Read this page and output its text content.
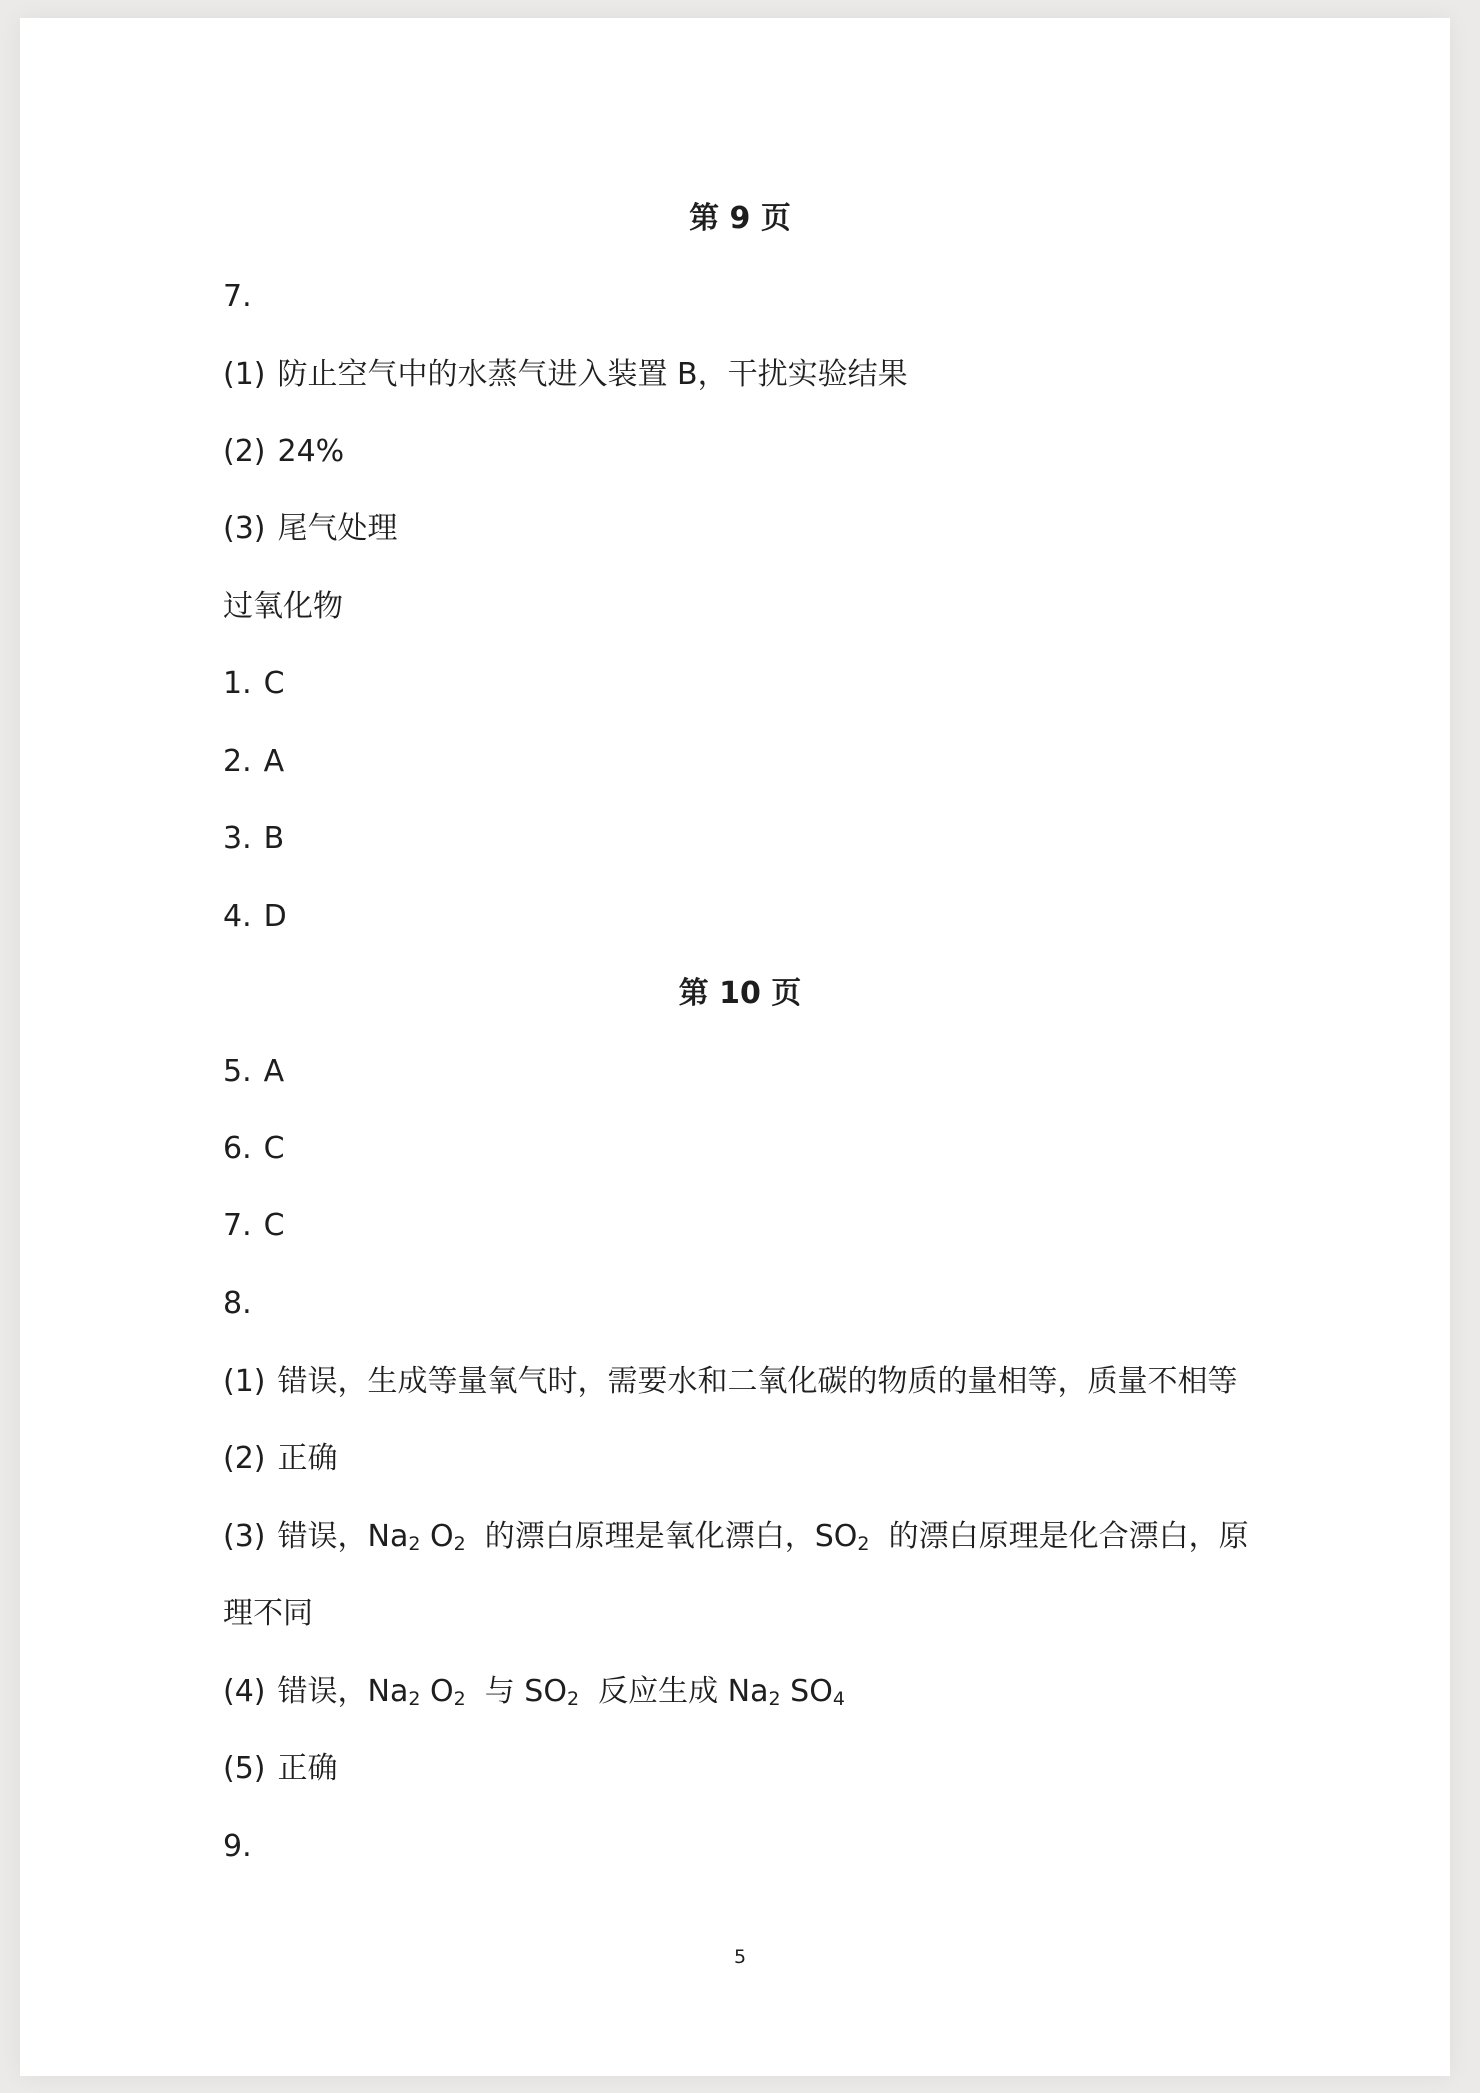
第 9 页
7.
(1) 防止空气中的水蒸气进入装置 B，干扰实验结果
(2) 24%
(3) 尾气处理
过氧化物
1. C
2. A
3. B
4. D
第 10 页
5. A
6. C
7. C
8.
(1) 错误，生成等量氧气时，需要水和二氧化碳的物质的量相等，质量不相等
(2) 正确
(3) 错误，$Na_2$ $O_2$ 的漂白原理是氧化漂白，$SO_2$ 的漂白原理是化合漂白，原
理不同
(4) 错误，$Na_2$ $O_2$ 与 $SO_2$ 反应生成 $Na_2$ $SO_4$
(5) 正确
9.
5
